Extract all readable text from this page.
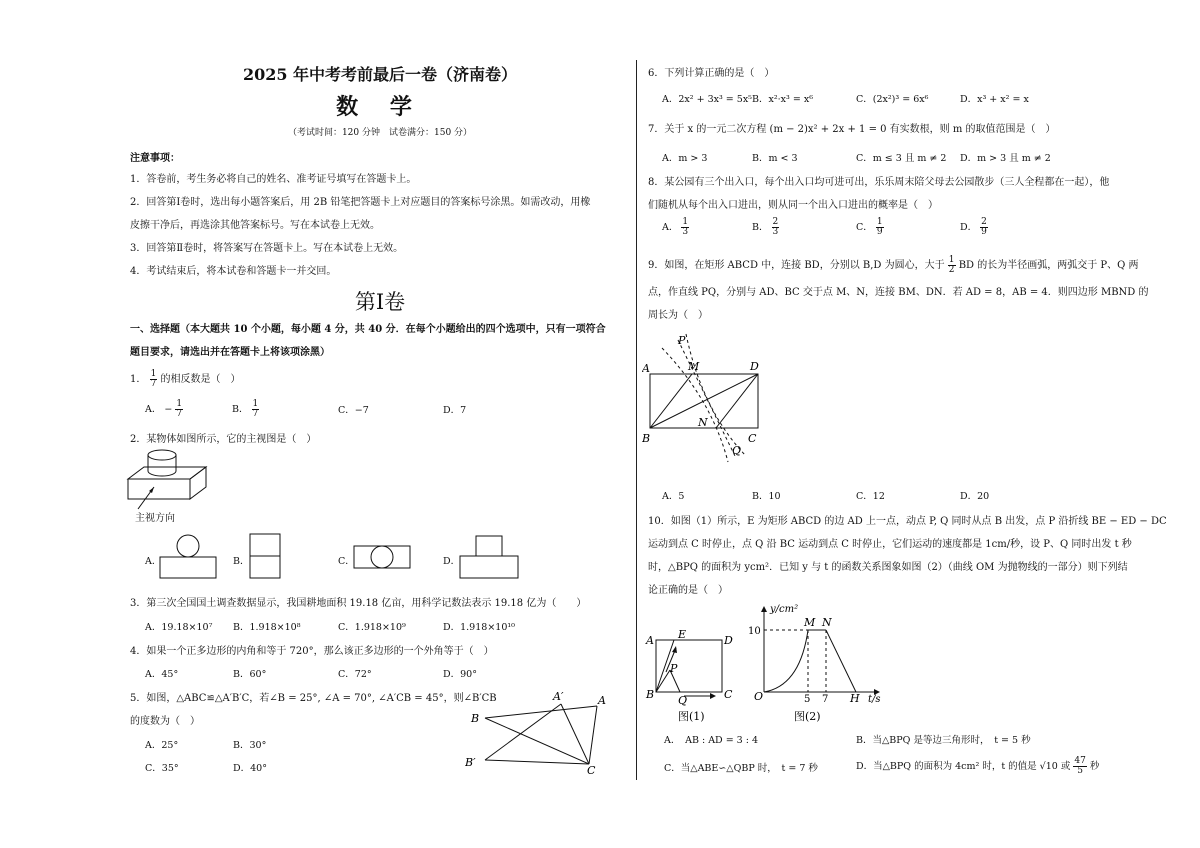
2025 年中考考前最后一卷（济南卷）
数 学
（考试时间：120 分钟　试卷满分：150 分）
注意事项：
1．答卷前，考生务必将自己的姓名、准考证号填写在答题卡上。
2．回答第Ⅰ卷时，选出每小题答案后，用 2B 铅笔把答题卡上对应题目的答案标号涂黑。如需改动，用橡
皮擦干净后，再选涂其他答案标号。写在本试卷上无效。
3．回答第Ⅱ卷时，将答案写在答题卡上。写在本试卷上无效。
4．考试结束后，将本试卷和答题卡一并交回。
第Ⅰ卷
一、选择题（本大题共 10 个小题，每小题 4 分，共 40 分．在每个小题给出的四个选项中，只有一项符合
题目要求，请选出并在答题卡上将该项涂黑）
1． $\frac{1}{7}$ 的相反数是（　）
A． − $\frac{1}{7}$	B． $\frac{1}{7}$	C．−7	D．7
2．某物体如图所示，它的主视图是（　）
主视方向
A．	B．	C．	D．
3．第三次全国国土调查数据显示，我国耕地面积 19.18 亿亩，用科学记数法表示 19.18 亿为（　　）
A．19.18×10⁷ B．1.918×10⁸	C．1.918×10⁹	D．1.918×10¹⁰
4．如果一个正多边形的内角和等于 720°，那么该正多边形的一个外角等于（　）
A．45°	B．60°	C．72°	D．90°
5．如图，△ABC≌△A′B′C，若∠B = 25°, ∠A = 70°, ∠A′CB = 45°，则∠B′CB
的度数为（　）
A．25°	B．30°
C．35°	D．40°
B
A′	A
B′
C
6．下列计算正确的是（　）
A．2x² + 3x³ = 5x⁵ B．x²·x³ = x⁶	C．(2x²)³ = 6x⁶	D．x³ + x² = x
7．关于 x 的一元二次方程 (m − 2)x² + 2x + 1 = 0 有实数根，则 m 的取值范围是（　）
A．m > 3	B．m < 3	C．m ≤ 3 且 m ≠ 2 D．m > 3 且 m ≠ 2
8．某公园有三个出入口，每个出入口均可进可出，乐乐周末陪父母去公园散步（三人全程都在一起），他
们随机从每个出入口进出，则从同一个出入口进出的概率是（　）
A． $\frac{1}{3}$	B． $\frac{2}{3}$	C． $\frac{1}{9}$	D． $\frac{2}{9}$
9．如图，在矩形 ABCD 中，连接 BD，分别以 B,D 为圆心，大于 $\frac{1}{2}$ BD 的长为半径画弧，两弧交于 P、Q 两
点，作直线 PQ，分别与 AD、BC 交于点 M、N，连接 BM、DN．若 AD = 8，AB = 4．则四边形 MBND 的
周长为（　）
A	D
B	C
P
M
N
Q
A．5	B．10	C．12	D．20
10．如图（1）所示，E 为矩形 ABCD 的边 AD 上一点，动点 P, Q 同时从点 B 出发，点 P 沿折线 BE − ED − DC
运动到点 C 时停止，点 Q 沿 BC 运动到点 C 时停止，它们运动的速度都是 1cm/秒，设 P、Q 同时出发 t 秒
时，△BPQ 的面积为 ycm²．已知 y 与 t 的函数关系图象如图（2）（曲线 OM 为抛物线的一部分）则下列结
论正确的是（　）
A E	D
B	C
P
Q
图(1)
y/cm²
10
M N
O	5 7 H t/s
图(2)
A．　AB : AD = 3 : 4	B．当△BPQ 是等边三角形时，　t = 5 秒
C．当△ABE∽△QBP 时，　t = 7 秒	D．当△BPQ 的面积为 4cm² 时，t 的值是 √10 或 $\frac{47}{5}$ 秒
